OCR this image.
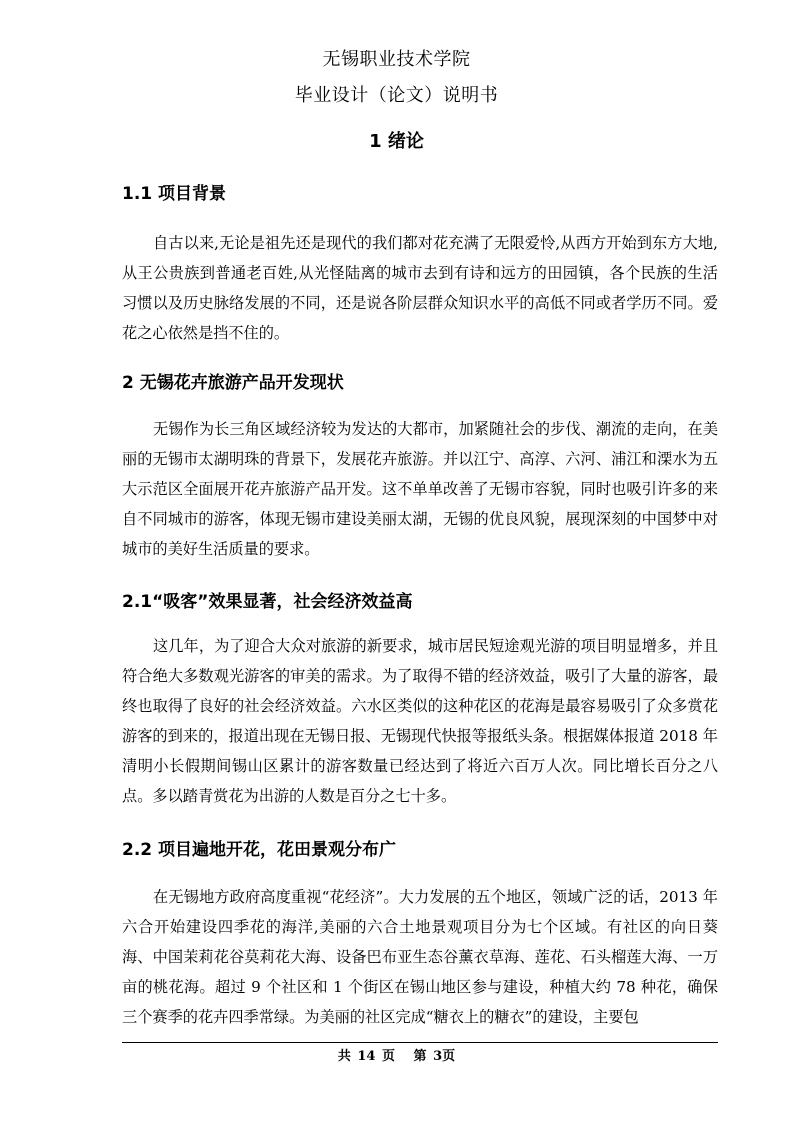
无锡职业技术学院
毕业设计（论文）说明书
1 绪论
1.1 项目背景

自古以来,无论是祖先还是现代的我们都对花充满了无限爱怜,从西方开始到东方大地,从王公贵族到普通老百姓,从光怪陆离的城市去到有诗和远方的田园镇，各个民族的生活习惯以及历史脉络发展的不同，还是说各阶层群众知识水平的高低不同或者学历不同。爱花之心依然是挡不住的。

2 无锡花卉旅游产品开发现状

无锡作为长三角区域经济较为发达的大都市，加紧随社会的步伐、潮流的走向，在美丽的无锡市太湖明珠的背景下，发展花卉旅游。并以江宁、高淳、六河、浦江和溧水为五大示范区全面展开花卉旅游产品开发。这不单单改善了无锡市容貌，同时也吸引许多的来自不同城市的游客，体现无锡市建设美丽太湖，无锡的优良风貌，展现深刻的中国梦中对城市的美好生活质量的要求。

2.1“吸客”效果显著，社会经济效益高

这几年，为了迎合大众对旅游的新要求，城市居民短途观光游的项目明显增多，并且符合绝大多数观光游客的审美的需求。为了取得不错的经济效益，吸引了大量的游客，最终也取得了良好的社会经济效益。六水区类似的这种花区的花海是最容易吸引了众多赏花游客的到来的，报道出现在无锡日报、无锡现代快报等报纸头条。根据媒体报道 2018 年清明小长假期间锡山区累计的游客数量已经达到了将近六百万人次。同比增长百分之八点。多以踏青赏花为出游的人数是百分之七十多。

2.2 项目遍地开花，花田景观分布广

在无锡地方政府高度重视“花经济”。大力发展的五个地区，领域广泛的话，2013 年六合开始建设四季花的海洋,美丽的六合土地景观项目分为七个区域。有社区的向日葵海、中国茉莉花谷莫莉花大海、设备巴布亚生态谷薰衣草海、莲花、石头榴莲大海、一万亩的桃花海。超过 9 个社区和 1 个街区在锡山地区参与建设，种植大约 78 种花，确保三个赛季的花卉四季常绿。为美丽的社区完成“糖衣上的糖衣”的建设，主要包

共 14 页 第 3页
